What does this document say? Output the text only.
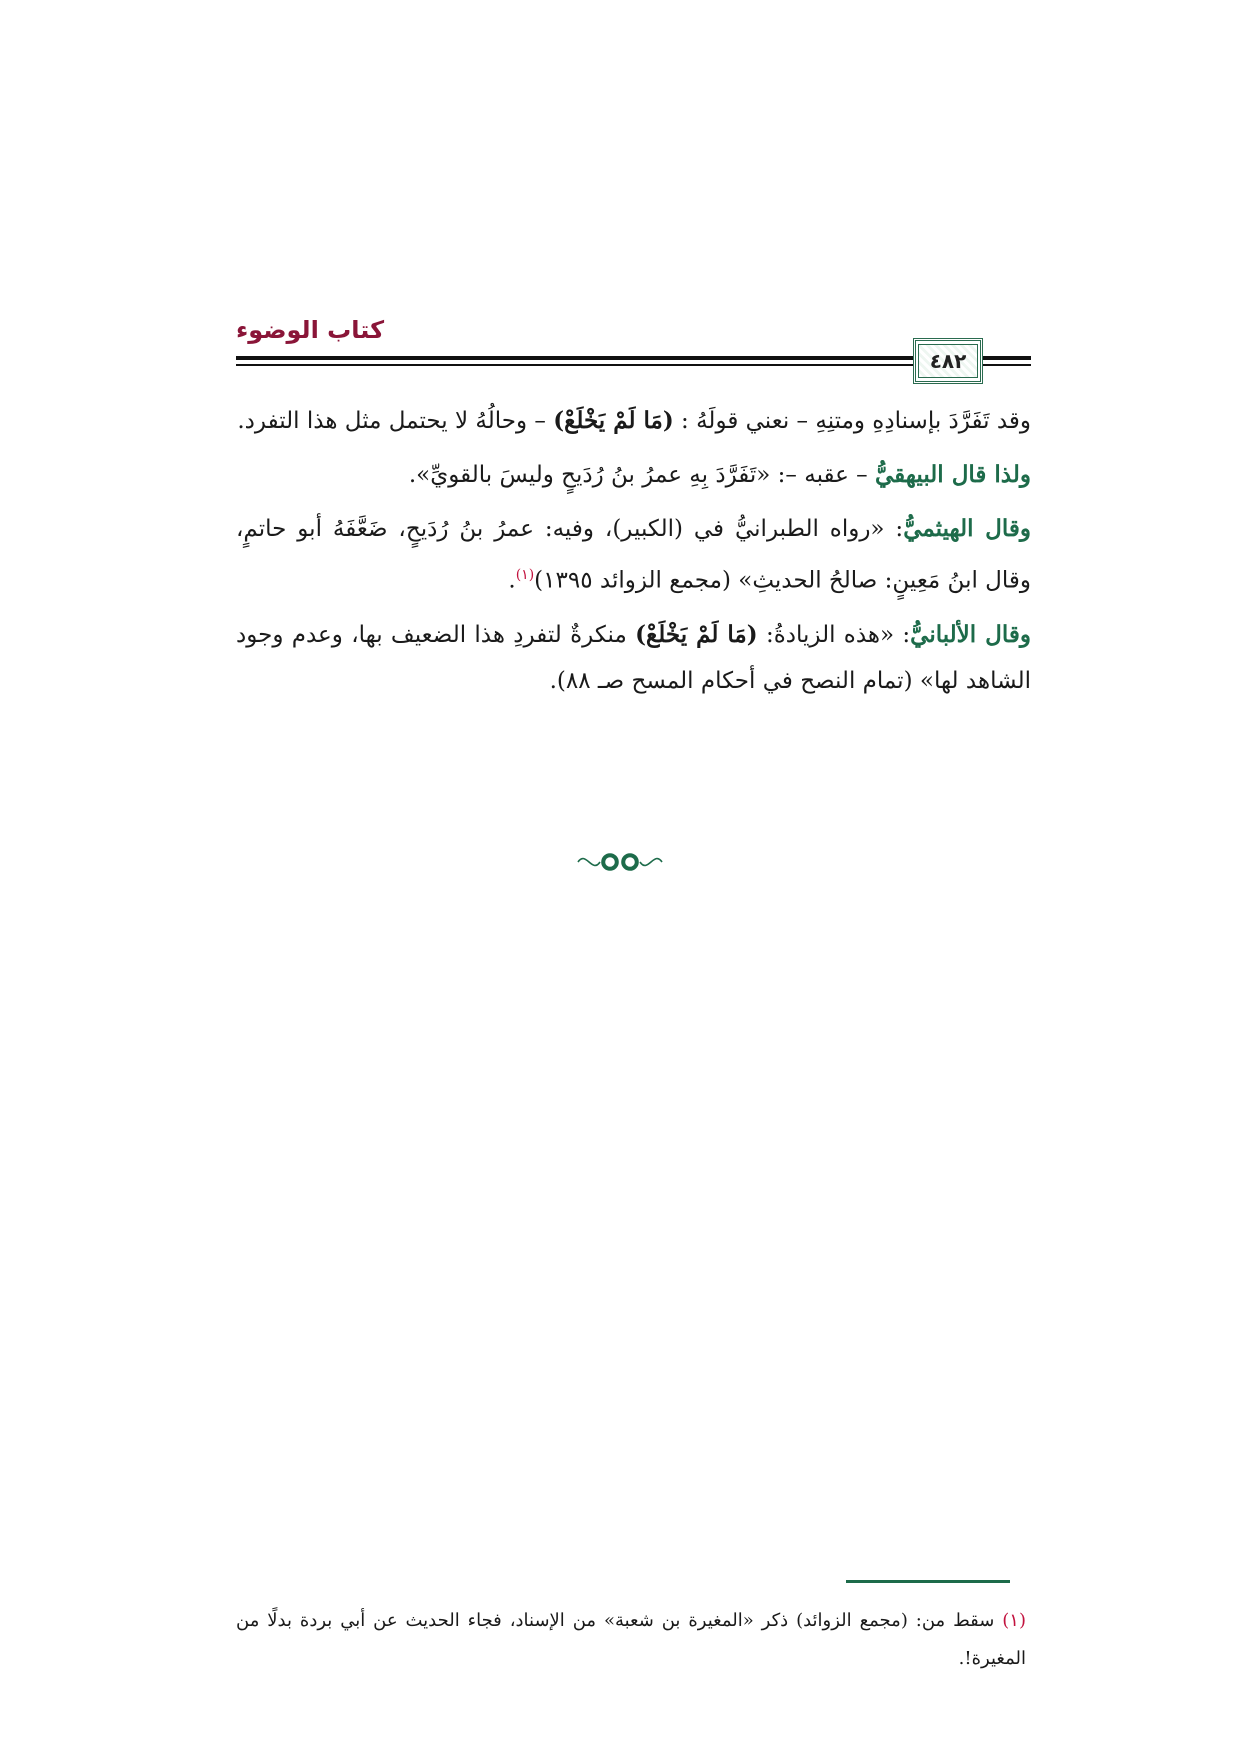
كتاب الوضوء
٤٨٢

وقد تَفَرَّدَ بإسنادِهِ ومتنِهِ – نعني قولَهُ : (مَا لَمْ يَخْلَعْ) – وحالُهُ لا يحتمل مثل هذا التفرد.

ولذا قال البيهقيُّ – عقبه –: «تَفَرَّدَ بِهِ عمرُ بنُ رُدَيحٍ وليسَ بالقويِّ».

وقال الهيثميُّ: «رواه الطبرانيُّ في (الكبير)، وفيه: عمرُ بنُ رُدَيحٍ، ضَعَّفَهُ أبو حاتمٍ، وقال ابنُ مَعِينٍ: صالحُ الحديثِ» (مجمع الزوائد ١٣٩٥)$^{(١)}$.

وقال الألبانيُّ: «هذه الزيادةُ: (مَا لَمْ يَخْلَعْ) منكرةٌ لتفردِ هذا الضعيف بها، وعدم وجود الشاهد لها» (تمام النصح في أحكام المسح صـ ٨٨).

(١) سقط من: (مجمع الزوائد) ذكر «المغيرة بن شعبة» من الإسناد، فجاء الحديث عن أبي بردة بدلًا من المغيرة!.
